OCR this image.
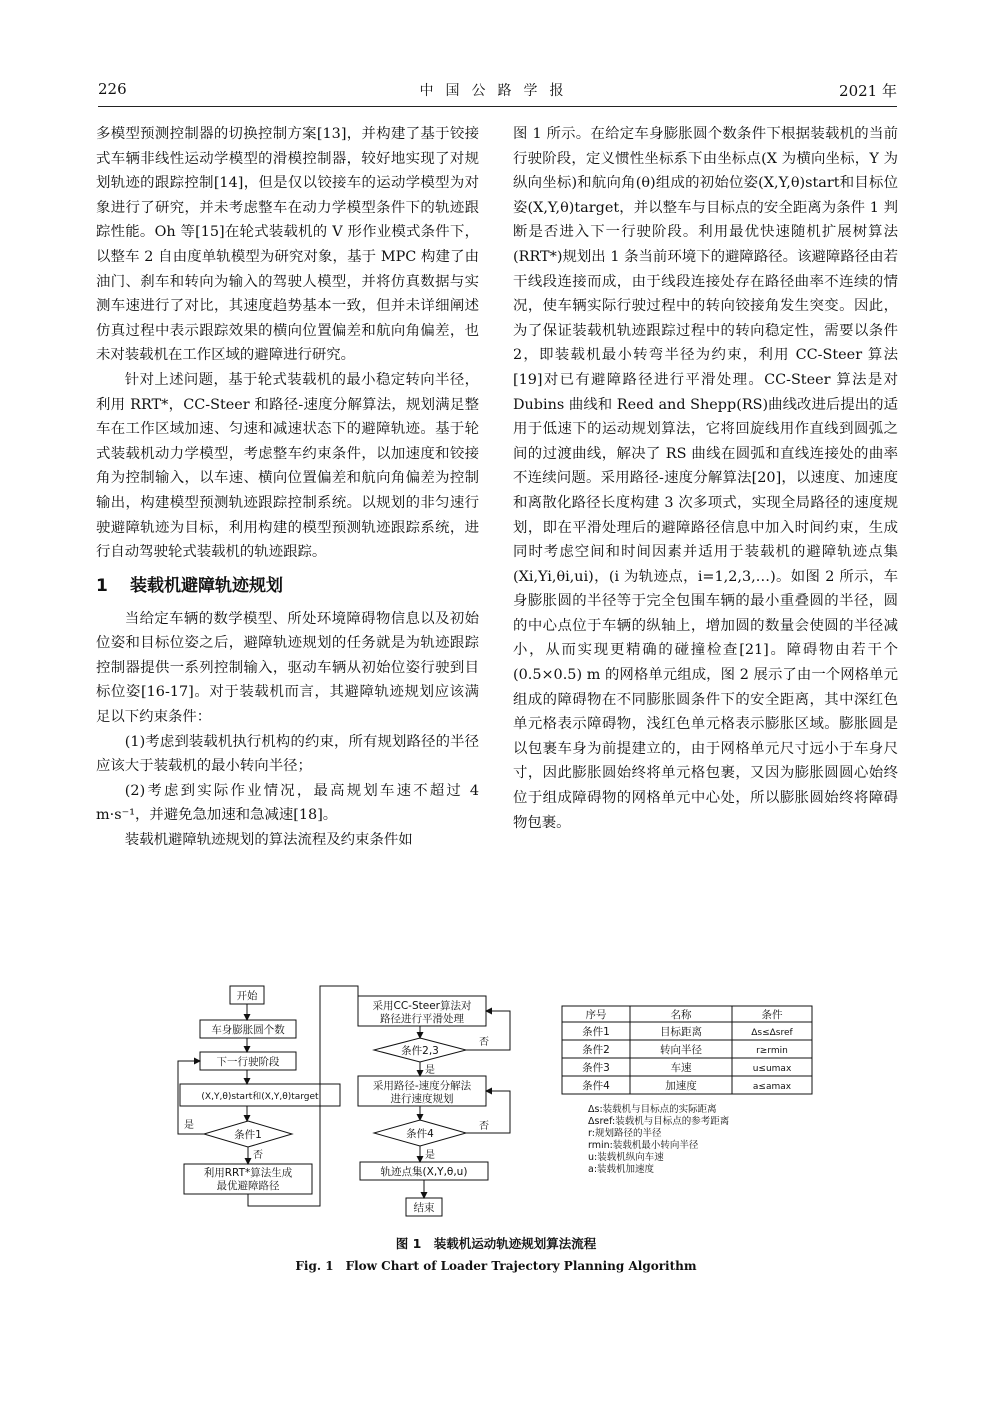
226	中国公路学报	2021 年

多模型预测控制器的切换控制方案[13]，并构建了基于铰接式车辆非线性运动学模型的滑模控制器，较好地实现了对规划轨迹的跟踪控制[14]，但是仅以铰接车的运动学模型为对象进行了研究，并未考虑整车在动力学模型条件下的轨迹跟踪性能。Oh 等[15]在轮式装载机的 V 形作业模式条件下，以整车 2 自由度单轨模型为研究对象，基于 MPC 构建了由油门、刹车和转向为输入的驾驶人模型，并将仿真数据与实测车速进行了对比，其速度趋势基本一致，但并未详细阐述仿真过程中表示跟踪效果的横向位置偏差和航向角偏差，也未对装载机在工作区域的避障进行研究。

针对上述问题，基于轮式装载机的最小稳定转向半径，利用 RRT*，CC-Steer 和路径-速度分解算法，规划满足整车在工作区域加速、匀速和减速状态下的避障轨迹。基于轮式装载机动力学模型，考虑整车约束条件，以加速度和铰接角为控制输入，以车速、横向位置偏差和航向角偏差为控制输出，构建模型预测轨迹跟踪控制系统。以规划的非匀速行驶避障轨迹为目标，利用构建的模型预测轨迹跟踪系统，进行自动驾驶轮式装载机的轨迹跟踪。

1 装载机避障轨迹规划

当给定车辆的数学模型、所处环境障碍物信息以及初始位姿和目标位姿之后，避障轨迹规划的任务就是为轨迹跟踪控制器提供一系列控制输入，驱动车辆从初始位姿行驶到目标位姿[16-17]。对于装载机而言，其避障轨迹规划应该满足以下约束条件：

(1)考虑到装载机执行机构的约束，所有规划路径的半径应该大于装载机的最小转向半径；

(2)考虑到实际作业情况，最高规划车速不超过 4 m·s⁻¹，并避免急加速和急减速[18]。

装载机避障轨迹规划的算法流程及约束条件如

图 1 所示。在给定车身膨胀圆个数条件下根据装载机的当前行驶阶段，定义惯性坐标系下由坐标点(X 为横向坐标，Y 为纵向坐标)和航向角(θ)组成的初始位姿(X,Y,θ)start和目标位姿(X,Y,θ)target，并以整车与目标点的安全距离为条件 1 判断是否进入下一行驶阶段。利用最优快速随机扩展树算法(RRT*)规划出 1 条当前环境下的避障路径。该避障路径由若干线段连接而成，由于线段连接处存在路径曲率不连续的情况，使车辆实际行驶过程中的转向铰接角发生突变。因此，为了保证装载机轨迹跟踪过程中的转向稳定性，需要以条件 2，即装载机最小转弯半径为约束，利用 CC-Steer 算法[19]对已有避障路径进行平滑处理。CC-Steer 算法是对 Dubins 曲线和 Reed and Shepp(RS)曲线改进后提出的适用于低速下的运动规划算法，它将回旋线用作直线到圆弧之间的过渡曲线，解决了 RS 曲线在圆弧和直线连接处的曲率不连续问题。采用路径-速度分解算法[20]，以速度、加速度和离散化路径长度构建 3 次多项式，实现全局路径的速度规划，即在平滑处理后的避障路径信息中加入时间约束，生成同时考虑空间和时间因素并适用于装载机的避障轨迹点集(Xi,Yi,θi,ui)，(i 为轨迹点，i=1,2,3,…)。如图 2 所示，车身膨胀圆的半径等于完全包围车辆的最小重叠圆的半径，圆的中心点位于车辆的纵轴上，增加圆的数量会使圆的半径减小，从而实现更精确的碰撞检查[21]。障碍物由若干个(0.5×0.5) m 的网格单元组成，图 2 展示了由一个网格单元组成的障碍物在不同膨胀圆条件下的安全距离，其中深红色单元格表示障碍物，浅红色单元格表示膨胀区域。膨胀圆是以包裹车身为前提建立的，由于网格单元尺寸远小于车身尺寸，因此膨胀圆始终将单元格包裹，又因为膨胀圆圆心始终位于组成障碍物的网格单元中心处，所以膨胀圆始终将障碍物包裹。

开始
车身膨胀圆个数
下一行驶阶段
(X,Y,θ)start和(X,Y,θ)target
条件1
利用RRT*算法生成
最优避障路径
是
否
采用CC-Steer算法对
路径进行平滑处理
条件2,3
否
是
采用路径-速度分解法
进行速度规划
条件4
否
是
轨迹点集(X,Y,θ,u)
结束
序号	名称	条件
条件1	目标距离	Δs≤Δsref
条件2	转向半径	r≥rmin
条件3	车速	u≤umax
条件4	加速度	a≤amax
Δs:装载机与目标点的实际距离
Δsref:装载机与目标点的参考距离
r:规划路径的半径
rmin:装载机最小转向半径
u:装载机纵向车速
a:装载机加速度
图 1　装载机运动轨迹规划算法流程
Fig. 1　Flow Chart of Loader Trajectory Planning Algorithm
